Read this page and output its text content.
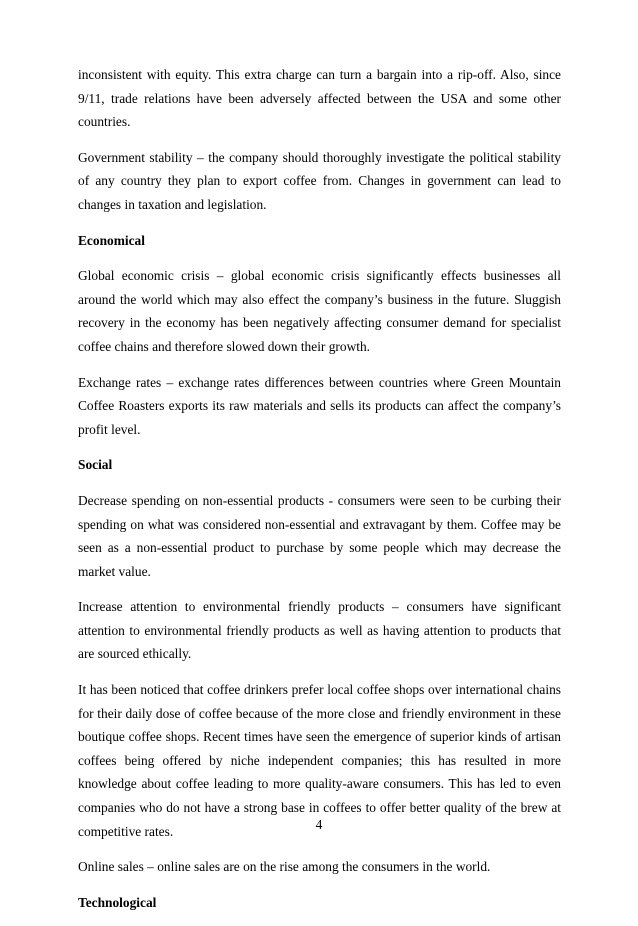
inconsistent with equity. This extra charge can turn a bargain into a rip-off. Also, since 9/11, trade relations have been adversely affected between the USA and some other countries.

Government stability – the company should thoroughly investigate the political stability of any country they plan to export coffee from. Changes in government can lead to changes in taxation and legislation.

Economical

Global economic crisis – global economic crisis significantly effects businesses all around the world which may also effect the company’s business in the future. Sluggish recovery in the economy has been negatively affecting consumer demand for specialist coffee chains and therefore slowed down their growth.

Exchange rates – exchange rates differences between countries where Green Mountain Coffee Roasters exports its raw materials and sells its products can affect the company’s profit level.

Social

Decrease spending on non-essential products - consumers were seen to be curbing their spending on what was considered non-essential and extravagant by them. Coffee may be seen as a non-essential product to purchase by some people which may decrease the market value.

Increase attention to environmental friendly products – consumers have significant attention to environmental friendly products as well as having attention to products that are sourced ethically.

It has been noticed that coffee drinkers prefer local coffee shops over international chains for their daily dose of coffee because of the more close and friendly environment in these boutique coffee shops. Recent times have seen the emergence of superior kinds of artisan coffees being offered by niche independent companies; this has resulted in more knowledge about coffee leading to more quality-aware consumers. This has led to even companies who do not have a strong base in coffees to offer better quality of the brew at competitive rates.

Online sales – online sales are on the rise among the consumers in the world.

Technological

4
